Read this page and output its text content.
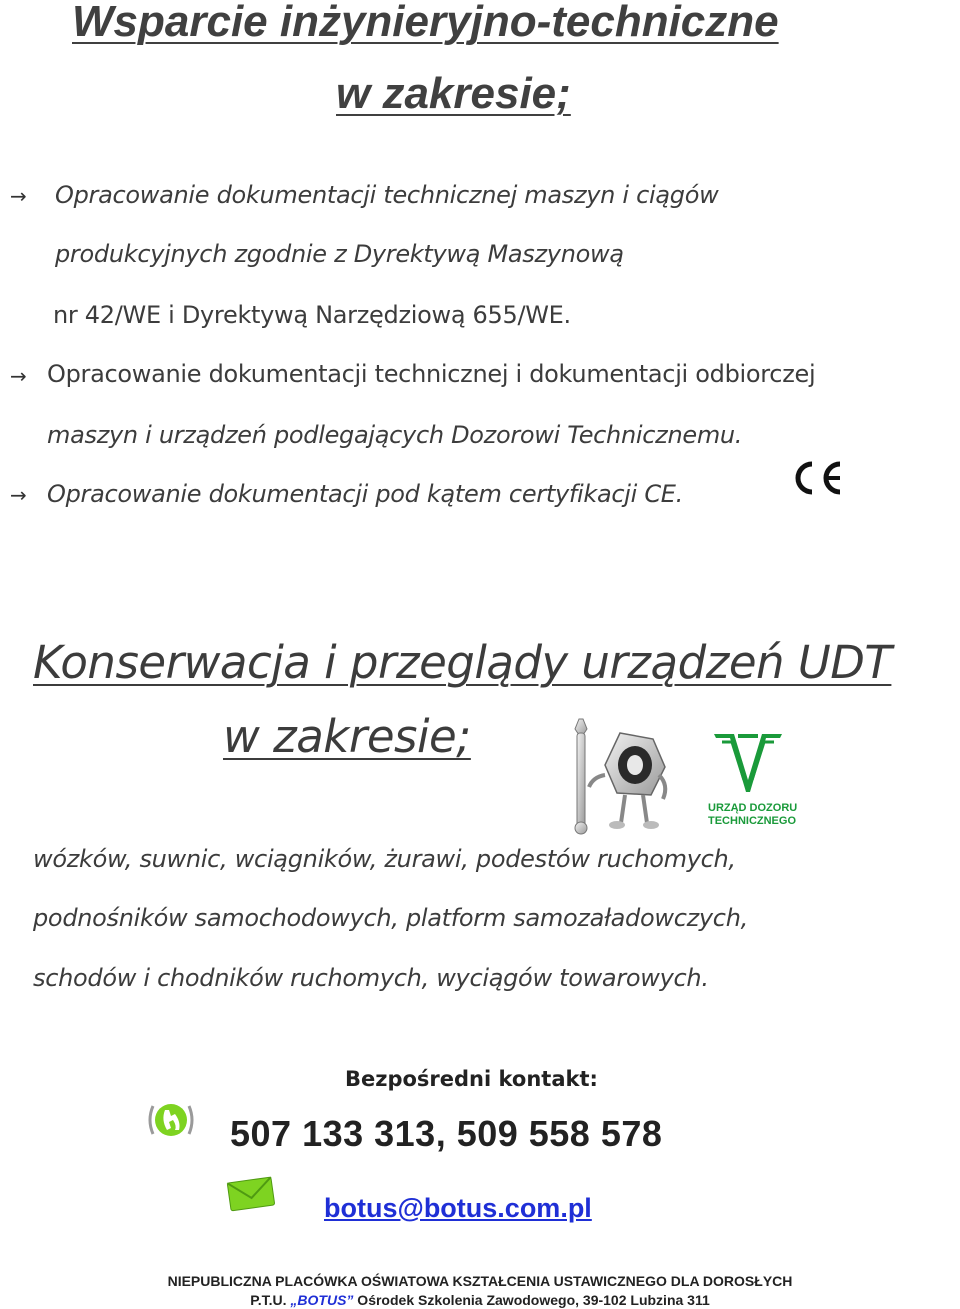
Wsparcie inżynieryjno-techniczne
w zakresie;
→ Opracowanie dokumentacji technicznej maszyn i ciągów
produkcyjnych zgodnie z Dyrektywą Maszynową
nr 42/WE i Dyrektywą Narzędziową 655/WE.
→ Opracowanie dokumentacji technicznej i dokumentacji odbiorczej
maszyn i urządzeń podlegających Dozorowi Technicznemu.
→ Opracowanie dokumentacji pod kątem certyfikacji CE.
Konserwacja i przeglądy urządzeń UDT
w zakresie;
URZĄD DOZORU
TECHNICZNEGO
wózków, suwnic, wciągników, żurawi, podestów ruchomych,
podnośników samochodowych, platform samozaładowczych,
schodów i chodników ruchomych, wyciągów towarowych.
Bezpośredni kontakt:
507 133 313, 509 558 578
botus@botus.com.pl
NIEPUBLICZNA PLACÓWKA OŚWIATOWA KSZTAŁCENIA USTAWICZNEGO DLA DOROSŁYCH
P.T.U. „BOTUS” Ośrodek Szkolenia Zawodowego, 39-102 Lubzina 311
